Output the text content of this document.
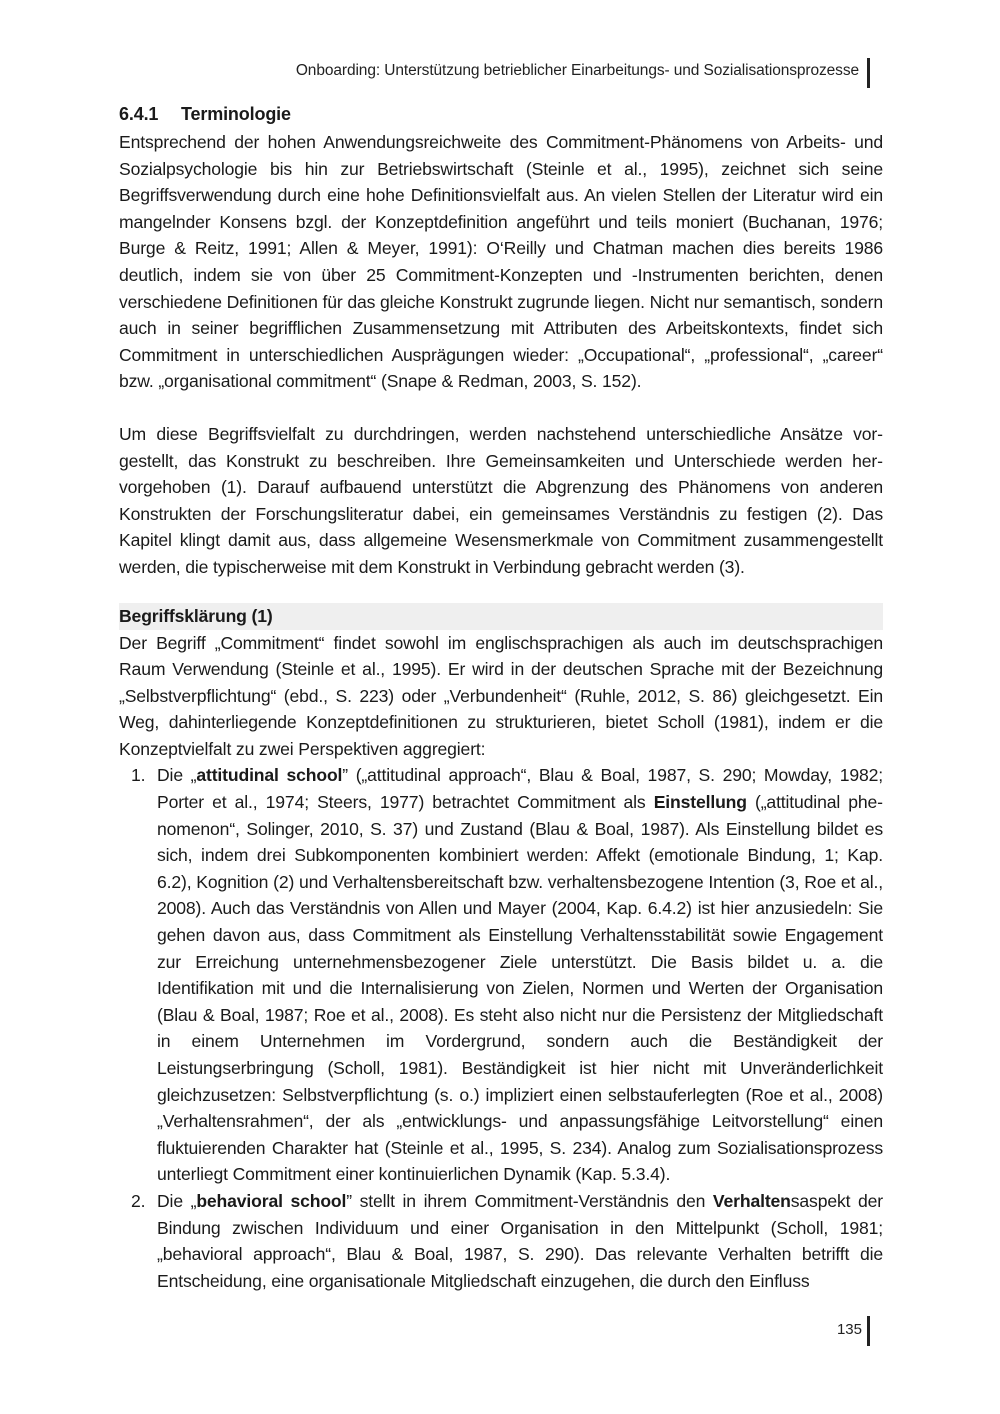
Onboarding: Unterstützung betrieblicher Einarbeitungs- und Sozialisationsprozesse
6.4.1 Terminologie

Entsprechend der hohen Anwendungsreichweite des Commitment-Phänomens von Arbeits- und Sozialpsychologie bis hin zur Betriebswirtschaft (Steinle et al., 1995), zeichnet sich seine Begriffsverwendung durch eine hohe Definitionsvielfalt aus. An vielen Stellen der Literatur wird ein mangelnder Konsens bzgl. der Konzeptdefinition angeführt und teils moniert (Buchanan, 1976; Burge & Reitz, 1991; Allen & Meyer, 1991): O‘Reilly und Chatman machen dies bereits 1986 deutlich, indem sie von über 25 Commitment-Konzepten und -Instrumenten berichten, denen verschiedene Definitionen für das gleiche Konstrukt zugrunde liegen. Nicht nur semantisch, sondern auch in seiner begrifflichen Zusammensetzung mit Attributen des Arbeitskontexts, findet sich Commitment in unterschiedlichen Ausprägungen wieder: „Occupational“, „professional“, „career“ bzw. „organisational commitment“ (Snape & Redman, 2003, S. 152).

Um diese Begriffsvielfalt zu durchdringen, werden nachstehend unterschiedliche Ansätze vorgestellt, das Konstrukt zu beschreiben. Ihre Gemeinsamkeiten und Unterschiede werden hervorgehoben (1). Darauf aufbauend unterstützt die Abgrenzung des Phänomens von anderen Konstrukten der Forschungsliteratur dabei, ein gemeinsames Verständnis zu festigen (2). Das Kapitel klingt damit aus, dass allgemeine Wesensmerkmale von Commitment zusammengestellt werden, die typischerweise mit dem Konstrukt in Verbindung gebracht werden (3).

Begriffsklärung (1)

Der Begriff „Commitment“ findet sowohl im englischsprachigen als auch im deutschsprachigen Raum Verwendung (Steinle et al., 1995). Er wird in der deutschen Sprache mit der Bezeichnung „Selbstverpflichtung“ (ebd., S. 223) oder „Verbundenheit“ (Ruhle, 2012, S. 86) gleichgesetzt. Ein Weg, dahinterliegende Konzeptdefinitionen zu strukturieren, bietet Scholl (1981), indem er die Konzeptvielfalt zu zwei Perspektiven aggregiert:

1. Die „attitudinal school” („attitudinal approach“, Blau & Boal, 1987, S. 290; Mowday, 1982; Porter et al., 1974; Steers, 1977) betrachtet Commitment als Einstellung („attitudinal phenomenon“, Solinger, 2010, S. 37) und Zustand (Blau & Boal, 1987). Als Einstellung bildet es sich, indem drei Subkomponenten kombiniert werden: Affekt (emotionale Bindung, 1; Kap. 6.2), Kognition (2) und Verhaltensbereitschaft bzw. verhaltensbezogene Intention (3, Roe et al., 2008). Auch das Verständnis von Allen und Mayer (2004, Kap. 6.4.2) ist hier anzusiedeln: Sie gehen davon aus, dass Commitment als Einstellung Verhaltensstabilität sowie Engagement zur Erreichung unternehmensbezogener Ziele unterstützt. Die Basis bildet u. a. die Identifikation mit und die Internalisierung von Zielen, Normen und Werten der Organisation (Blau & Boal, 1987; Roe et al., 2008). Es steht also nicht nur die Persistenz der Mitgliedschaft in einem Unternehmen im Vordergrund, sondern auch die Beständigkeit der Leistungserbringung (Scholl, 1981). Beständigkeit ist hier nicht mit Unveränderlichkeit gleichzusetzen: Selbstverpflichtung (s. o.) impliziert einen selbstauferlegten (Roe et al., 2008) „Verhaltensrahmen“, der als „entwicklungs- und anpassungsfähige Leitvorstellung“ einen fluktuierenden Charakter hat (Steinle et al., 1995, S. 234). Analog zum Sozialisationsprozess unterliegt Commitment einer kontinuierlichen Dynamik (Kap. 5.3.4).
2. Die „behavioral school” stellt in ihrem Commitment-Verständnis den Verhaltensaspekt der Bindung zwischen Individuum und einer Organisation in den Mittelpunkt (Scholl, 1981; „behavioral approach“, Blau & Boal, 1987, S. 290). Das relevante Verhalten betrifft die Entscheidung, eine organisationale Mitgliedschaft einzugehen, die durch den Einfluss
135
